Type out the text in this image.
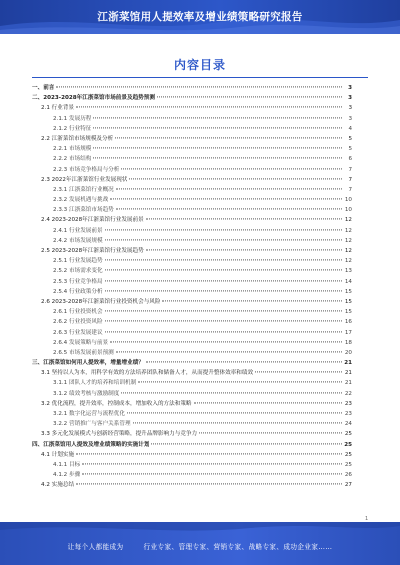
江浙菜馆用人提效率及增业绩策略研究报告
内容目录
一、前言	3
二、2023-2028年江浙菜馆市场前景及趋势预测	3
2.1 行业背景	3
2.1.1 发展历程	3
2.1.2 行业特征	4
2.2 江浙菜馆市场规模及分析	5
2.2.1 市场规模	5
2.2.2 市场结构	6
2.2.3 市场竞争格局与分析	7
2.3 2022年江浙菜馆行业发展现状	7
2.3.1 江浙菜馆行业概况	7
2.3.2 发展机遇与挑战	10
2.3.3 江浙菜馆市场趋势	10
2.4 2023-2028年江浙菜馆行业发展前景	12
2.4.1 行业发展前景	12
2.4.2 市场发展规模	12
2.5 2023-2028年江浙菜馆行业发展趋势	12
2.5.1 行业发展趋势	12
2.5.2 市场需求变化	13
2.5.3 行业竞争格局	14
2.5.4 行业政策分析	15
2.6 2023-2028年江浙菜馆行业投资机会与风险	15
2.6.1 行业投资机会	15
2.6.2 行业投资风险	16
2.6.3 行业发展建议	17
2.6.4 发展策略与前景	18
2.6.5 市场发展前景预测	20
三、江浙菜馆如何用人提效率，增量增业绩？	21
3.1 坚持以人为本，用科学有效的方法培养团队和储备人才，从而提升整体效率和绩效	21
3.1.1 团队人才的培养和培训机制	21
3.1.2 绩效考核与激励制度	22
3.2 优化流程，提升效率，控制成本，增加收入的方法和策略	23
3.2.1 数字化运营与流程优化	23
3.2.2 营销推广与客户关系管理	24
3.3 多元化发展模式与创新经营策略，提升品牌影响力与竞争力	25
四、江浙菜馆用人提效及增业绩策略的实施计划	25
4.1 计划实施	25
4.1.1 目标	25
4.1.2 步骤	26
4.2 实施总结	27
1
让每个人都能成为	行业专家、管理专家、营销专家、战略专家、成功企业家……
